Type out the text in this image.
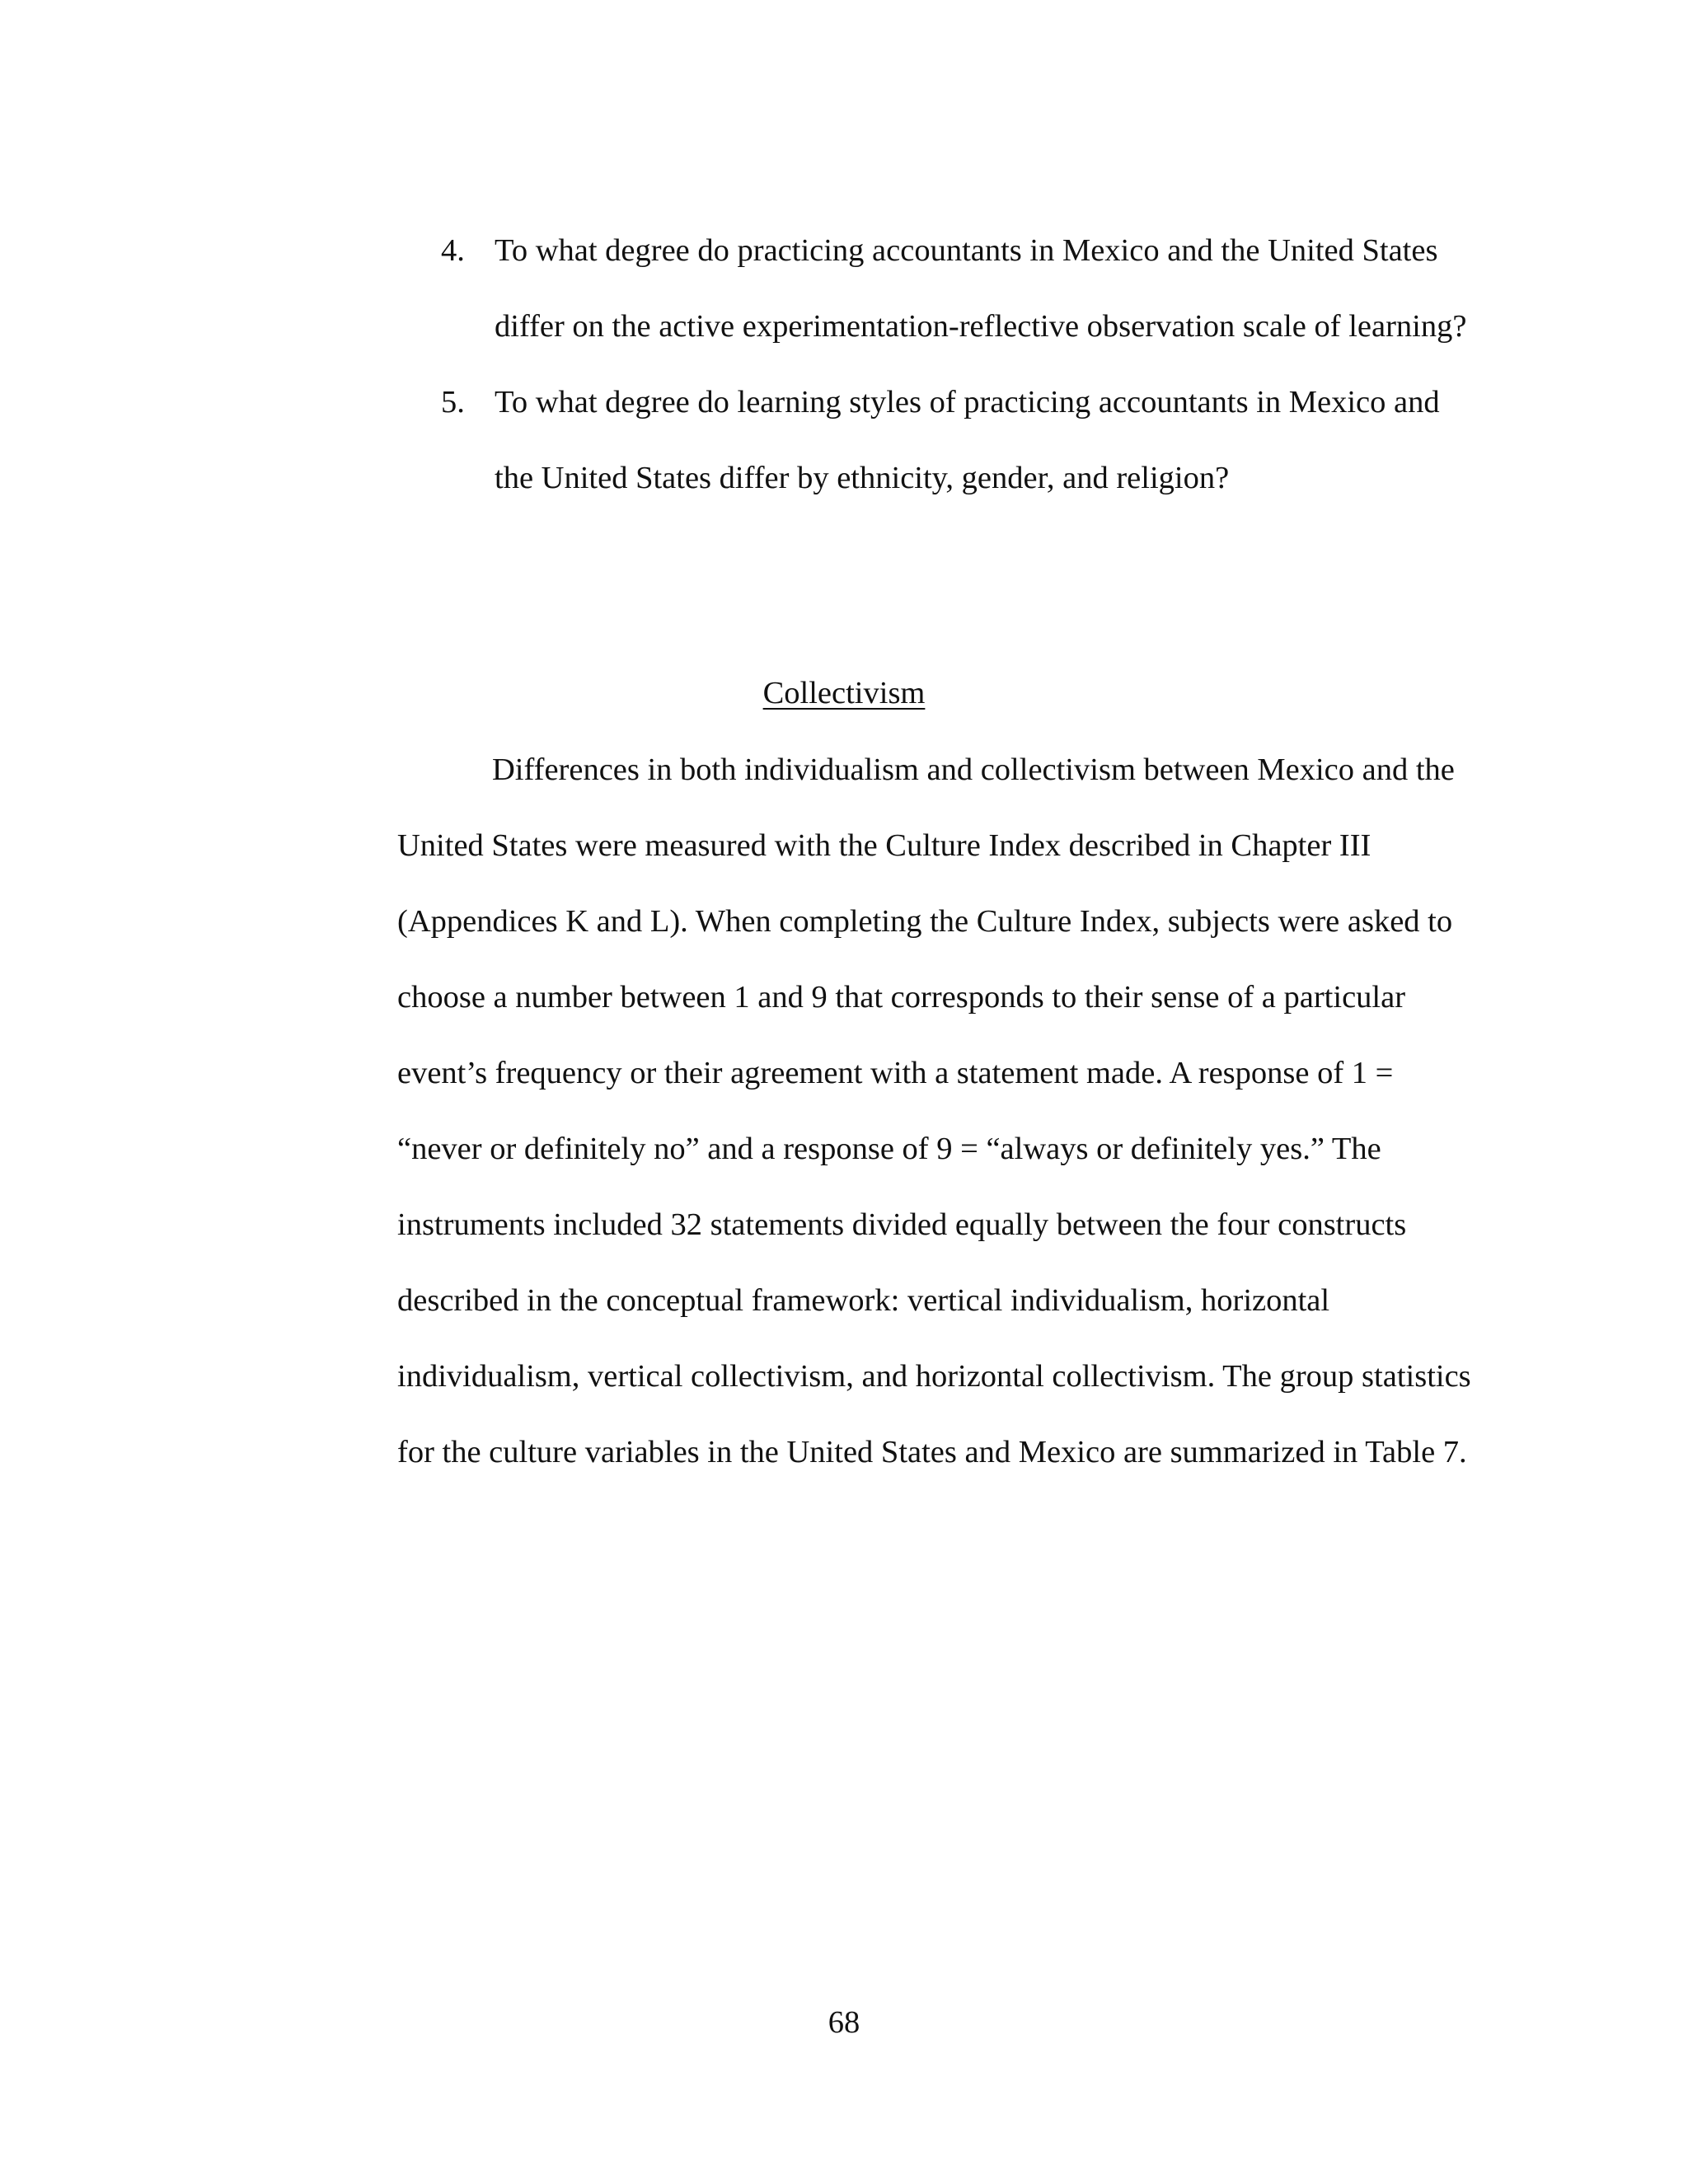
4. To what degree do practicing accountants in Mexico and the United States differ on the active experimentation-reflective observation scale of learning?
5. To what degree do learning styles of practicing accountants in Mexico and the United States differ by ethnicity, gender, and religion?
Collectivism

Differences in both individualism and collectivism between Mexico and the United States were measured with the Culture Index described in Chapter III (Appendices K and L). When completing the Culture Index, subjects were asked to choose a number between 1 and 9 that corresponds to their sense of a particular event’s frequency or their agreement with a statement made. A response of 1 = “never or definitely no” and a response of 9 = “always or definitely yes.” The instruments included 32 statements divided equally between the four constructs described in the conceptual framework: vertical individualism, horizontal individualism, vertical collectivism, and horizontal collectivism. The group statistics for the culture variables in the United States and Mexico are summarized in Table 7.

68
